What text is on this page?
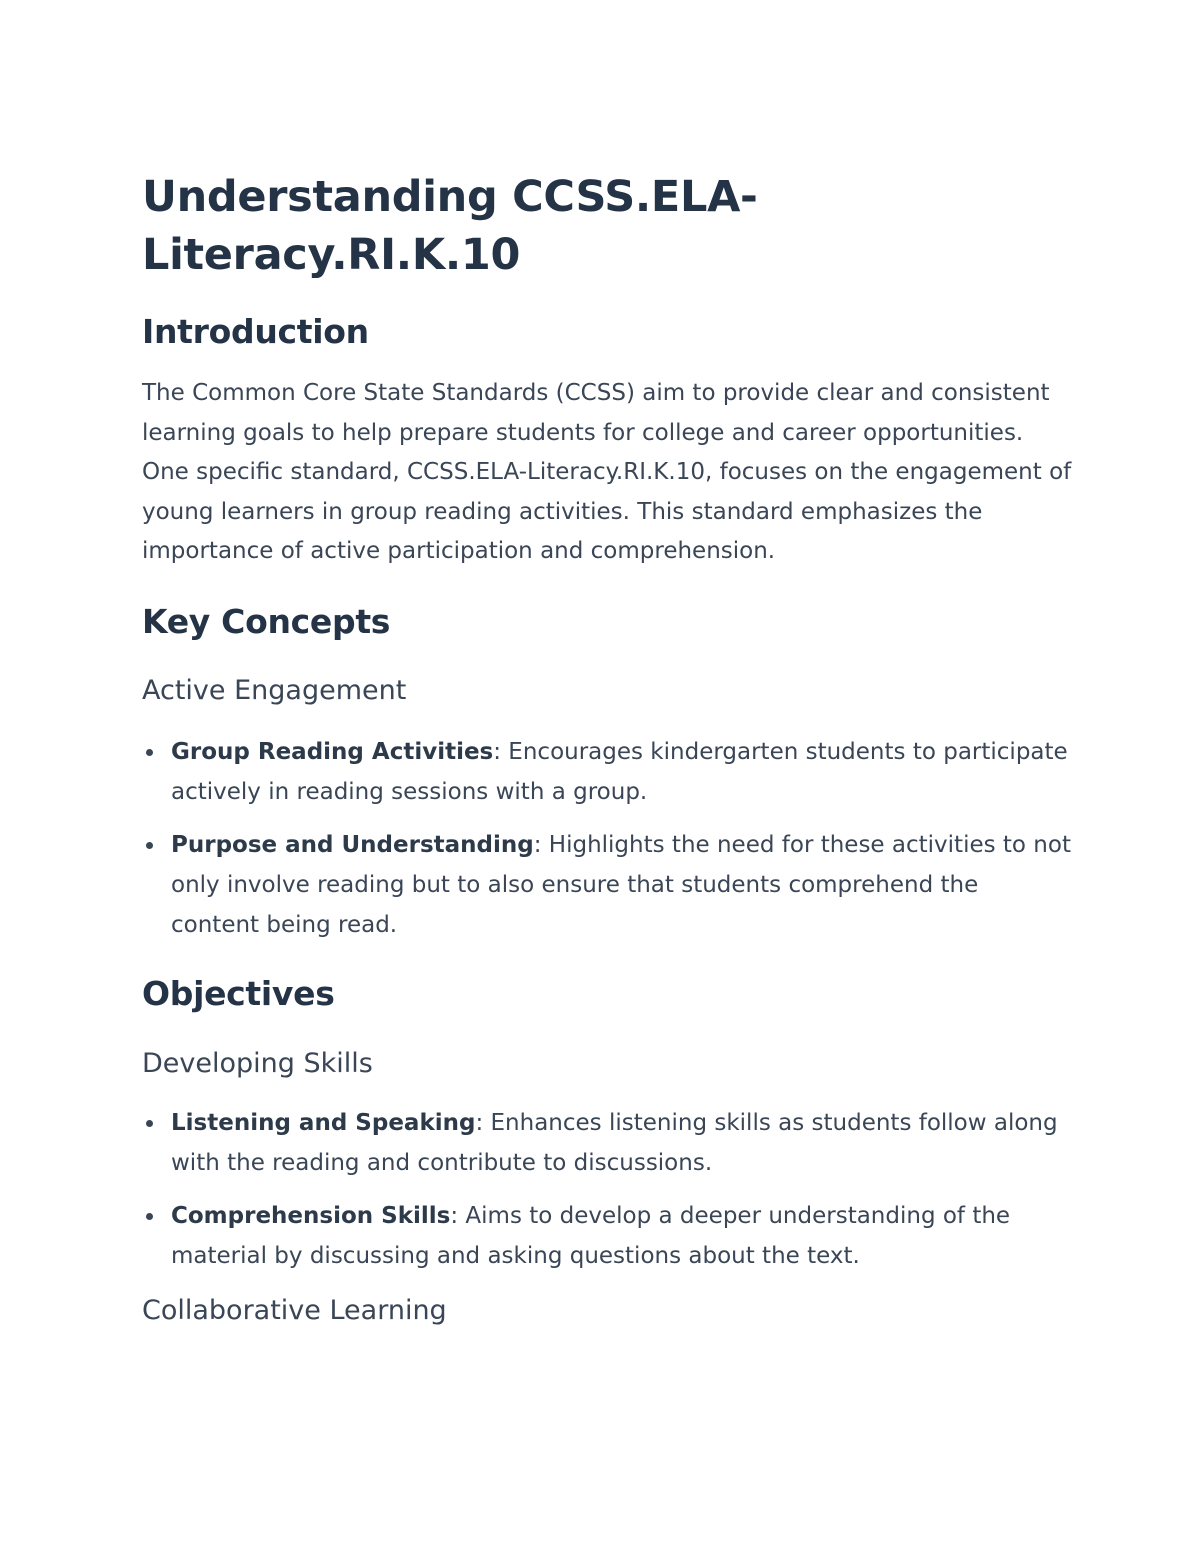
Understanding CCSS.ELA-Literacy.RI.K.10
Introduction

The Common Core State Standards (CCSS) aim to provide clear and consistent learning goals to help prepare students for college and career opportunities. One specific standard, CCSS.ELA-Literacy.RI.K.10, focuses on the engagement of young learners in group reading activities. This standard emphasizes the importance of active participation and comprehension.

Key Concepts
Active Engagement
Group Reading Activities: Encourages kindergarten students to participate actively in reading sessions with a group.
Purpose and Understanding: Highlights the need for these activities to not only involve reading but to also ensure that students comprehend the content being read.
Objectives
Developing Skills
Listening and Speaking: Enhances listening skills as students follow along with the reading and contribute to discussions.
Comprehension Skills: Aims to develop a deeper understanding of the material by discussing and asking questions about the text.
Collaborative Learning
